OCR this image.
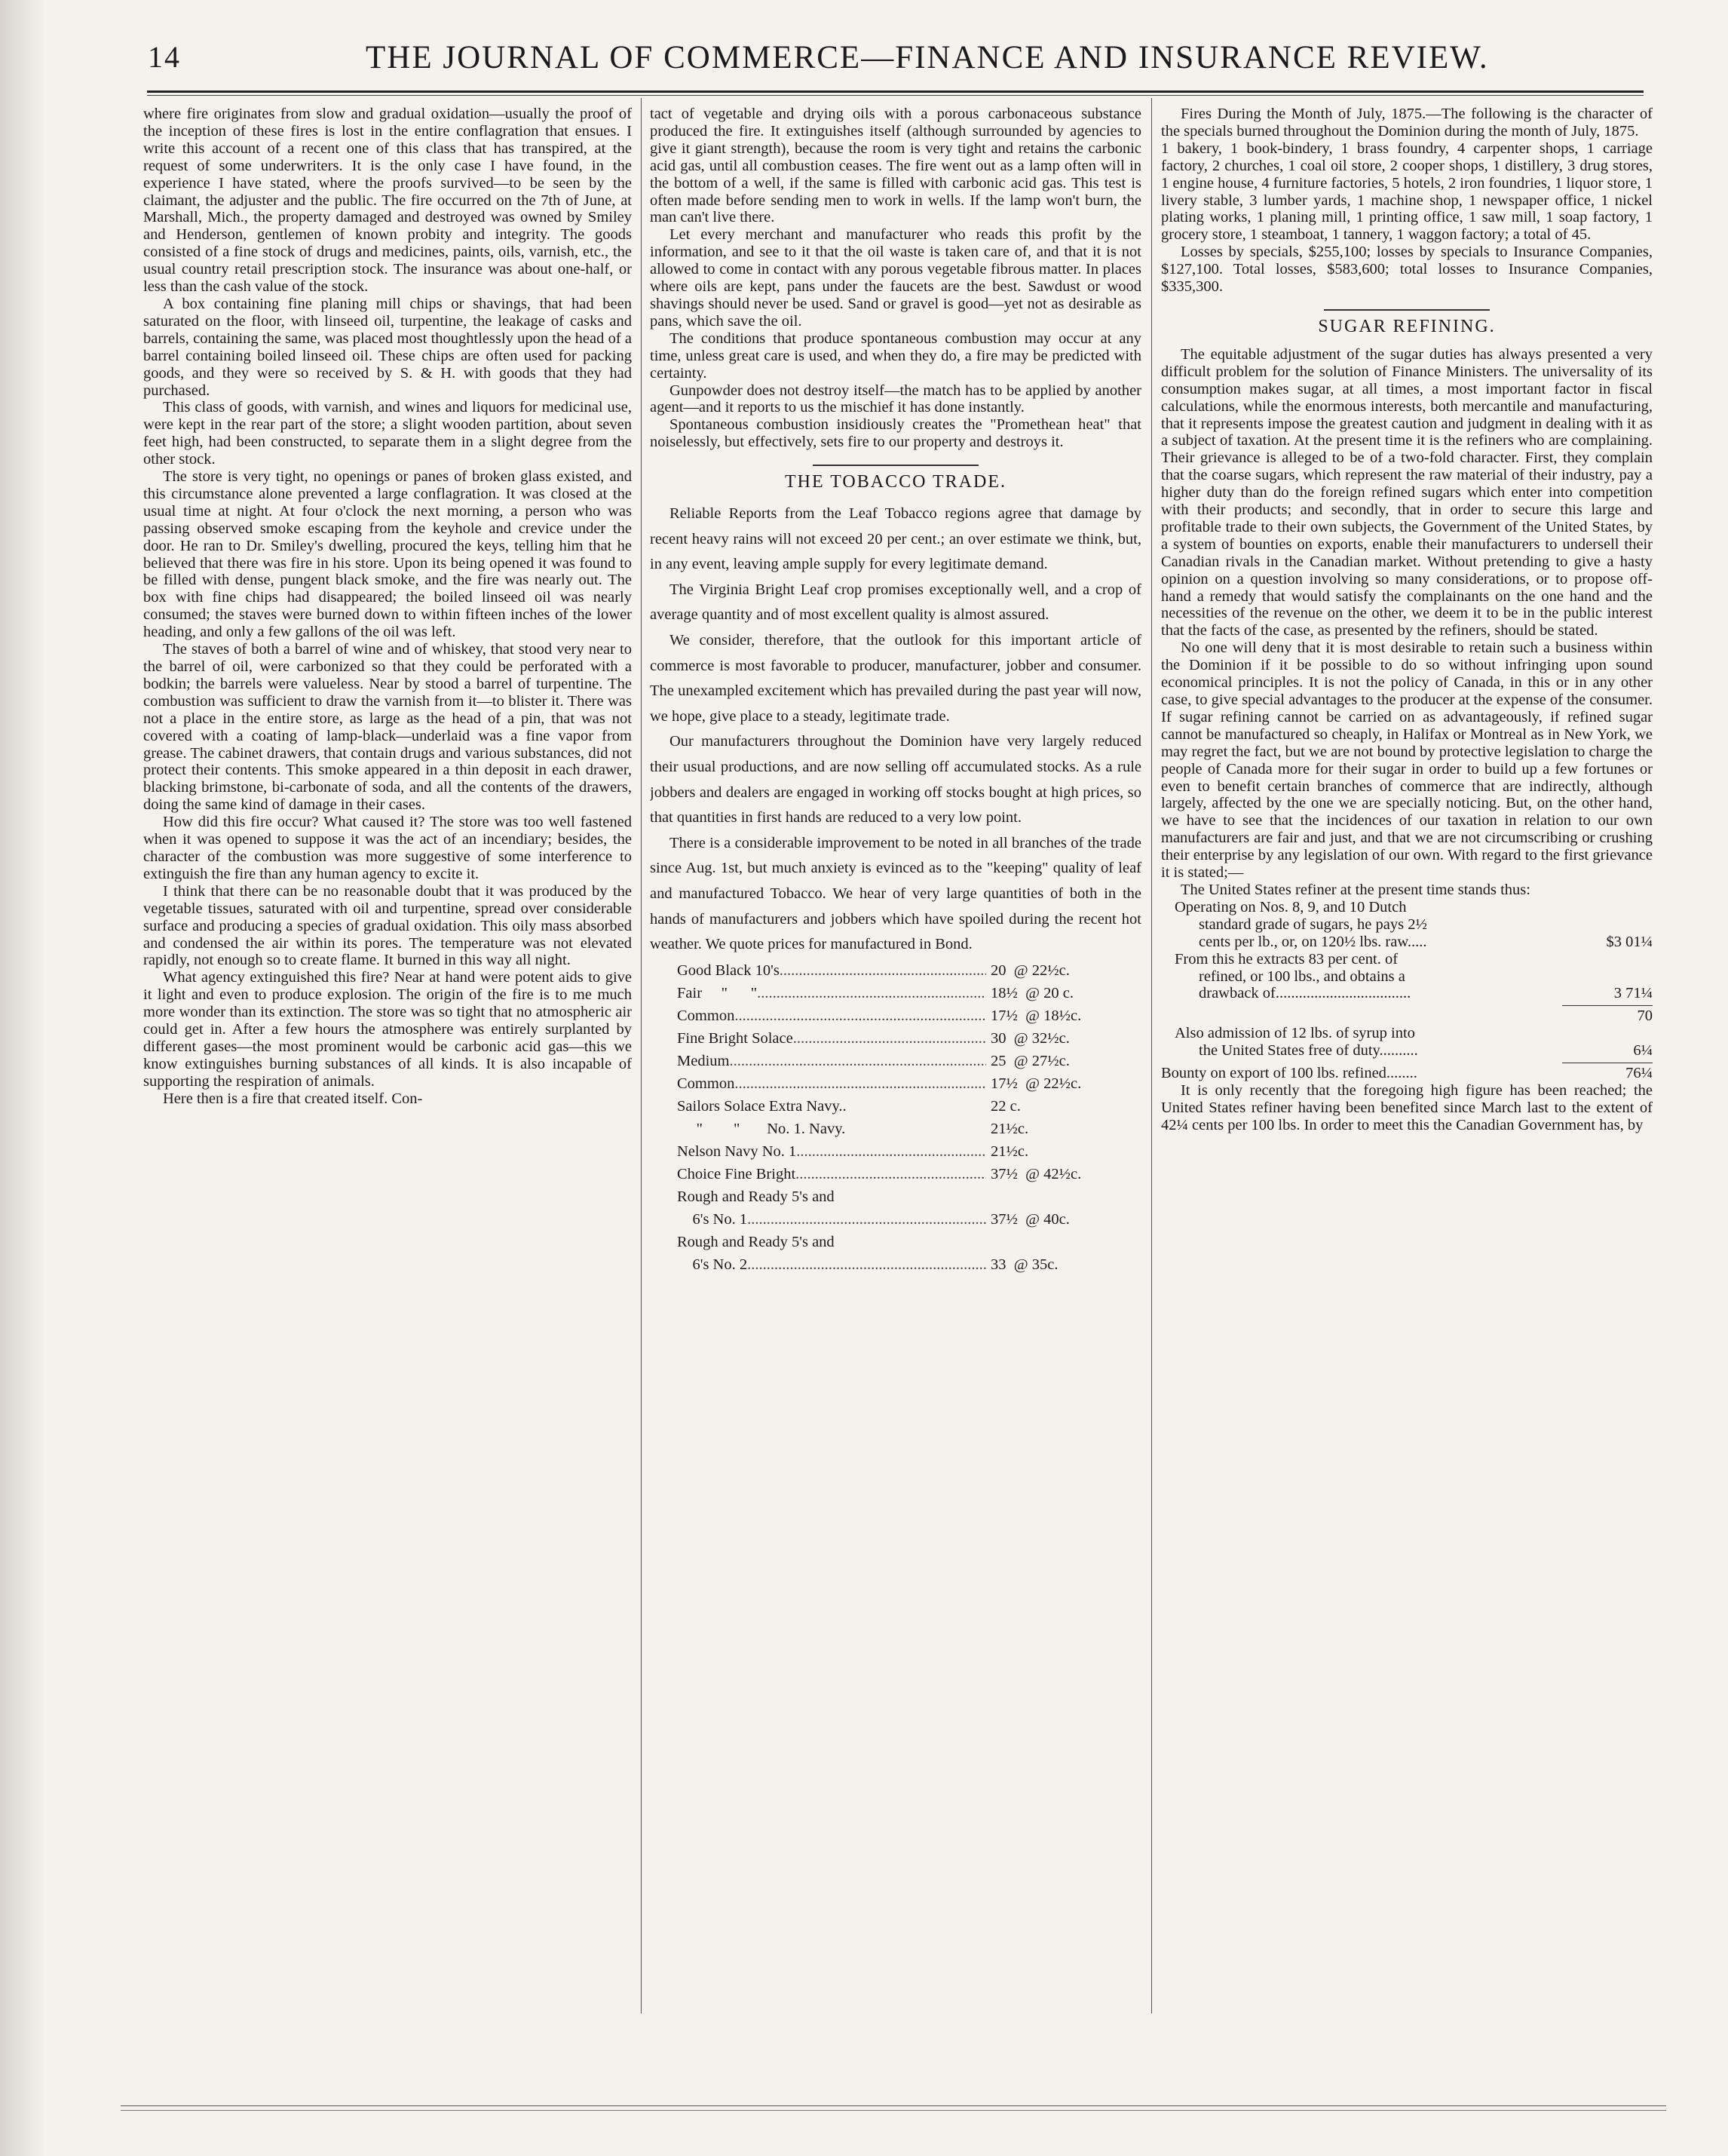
14	THE JOURNAL OF COMMERCE—FINANCE AND INSURANCE REVIEW.

where fire originates from slow and gradual oxidation—usually the proof of the inception of these fires is lost in the entire conflagration that ensues. I write this account of a recent one of this class that has transpired, at the request of some underwriters. It is the only case I have found, in the experience I have stated, where the proofs survived—to be seen by the claimant, the adjuster and the public. The fire occurred on the 7th of June, at Marshall, Mich., the property damaged and destroyed was owned by Smiley and Henderson, gentlemen of known probity and integrity. The goods consisted of a fine stock of drugs and medicines, paints, oils, varnish, etc., the usual country retail prescription stock. The insurance was about one-half, or less than the cash value of the stock.

A box containing fine planing mill chips or shavings, that had been saturated on the floor, with linseed oil, turpentine, the leakage of casks and barrels, containing the same, was placed most thoughtlessly upon the head of a barrel containing boiled linseed oil. These chips are often used for packing goods, and they were so received by S. & H. with goods that they had purchased.

This class of goods, with varnish, and wines and liquors for medicinal use, were kept in the rear part of the store; a slight wooden partition, about seven feet high, had been constructed, to separate them in a slight degree from the other stock.

The store is very tight, no openings or panes of broken glass existed, and this circumstance alone prevented a large conflagration. It was closed at the usual time at night. At four o'clock the next morning, a person who was passing observed smoke escaping from the keyhole and crevice under the door. He ran to Dr. Smiley's dwelling, procured the keys, telling him that he believed that there was fire in his store. Upon its being opened it was found to be filled with dense, pungent black smoke, and the fire was nearly out. The box with fine chips had disappeared; the boiled linseed oil was nearly consumed; the staves were burned down to within fifteen inches of the lower heading, and only a few gallons of the oil was left.

The staves of both a barrel of wine and of whiskey, that stood very near to the barrel of oil, were carbonized so that they could be perforated with a bodkin; the barrels were valueless. Near by stood a barrel of turpentine. The combustion was sufficient to draw the varnish from it—to blister it. There was not a place in the entire store, as large as the head of a pin, that was not covered with a coating of lamp-black—underlaid was a fine vapor from grease. The cabinet drawers, that contain drugs and various substances, did not protect their contents. This smoke appeared in a thin deposit in each drawer, blacking brimstone, bi-carbonate of soda, and all the contents of the drawers, doing the same kind of damage in their cases.

How did this fire occur? What caused it? The store was too well fastened when it was opened to suppose it was the act of an incendiary; besides, the character of the combustion was more suggestive of some interference to extinguish the fire than any human agency to excite it.

I think that there can be no reasonable doubt that it was produced by the vegetable tissues, saturated with oil and turpentine, spread over considerable surface and producing a species of gradual oxidation. This oily mass absorbed and condensed the air within its pores. The temperature was not elevated rapidly, not enough so to create flame. It burned in this way all night.

What agency extinguished this fire? Near at hand were potent aids to give it light and even to produce explosion. The origin of the fire is to me much more wonder than its extinction. The store was so tight that no atmospheric air could get in. After a few hours the atmosphere was entirely surplanted by different gases—the most prominent would be carbonic acid gas—this we know extinguishes burning substances of all kinds. It is also incapable of supporting the respiration of animals.

Here then is a fire that created itself. Con-

tact of vegetable and drying oils with a porous carbonaceous substance produced the fire. It extinguishes itself (although surrounded by agencies to give it giant strength), because the room is very tight and retains the carbonic acid gas, until all combustion ceases. The fire went out as a lamp often will in the bottom of a well, if the same is filled with carbonic acid gas. This test is often made before sending men to work in wells. If the lamp won't burn, the man can't live there.

Let every merchant and manufacturer who reads this profit by the information, and see to it that the oil waste is taken care of, and that it is not allowed to come in contact with any porous vegetable fibrous matter. In places where oils are kept, pans under the faucets are the best. Sawdust or wood shavings should never be used. Sand or gravel is good—yet not as desirable as pans, which save the oil.

The conditions that produce spontaneous combustion may occur at any time, unless great care is used, and when they do, a fire may be predicted with certainty.

Gunpowder does not destroy itself—the match has to be applied by another agent—and it reports to us the mischief it has done instantly.

Spontaneous combustion insidiously creates the "Promethean heat" that noiselessly, but effectively, sets fire to our property and destroys it.

THE TOBACCO TRADE.

Reliable Reports from the Leaf Tobacco regions agree that damage by recent heavy rains will not exceed 20 per cent.; an over estimate we think, but, in any event, leaving ample supply for every legitimate demand.

The Virginia Bright Leaf crop promises exceptionally well, and a crop of average quantity and of most excellent quality is almost assured.

We consider, therefore, that the outlook for this important article of commerce is most favorable to producer, manufacturer, jobber and consumer. The unexampled excitement which has prevailed during the past year will now, we hope, give place to a steady, legitimate trade.

Our manufacturers throughout the Dominion have very largely reduced their usual productions, and are now selling off accumulated stocks. As a rule jobbers and dealers are engaged in working off stocks bought at high prices, so that quantities in first hands are reduced to a very low point.

There is a considerable improvement to be noted in all branches of the trade since Aug. 1st, but much anxiety is evinced as to the "keeping" quality of leaf and manufactured Tobacco. We hear of very large quantities of both in the hands of manufacturers and jobbers which have spoiled during the recent hot weather. We quote prices for manufactured in Bond.

Good Black 10's .....	20  @ 22½c.
Fair     "      " .....	18½  @ 20 c.
Common .....	17½  @ 18½c.
Fine Bright Solace .....	30  @ 32½c.
Medium .....	25  @ 27½c.
Common .....	17½  @ 22½c.
Sailors Solace Extra Navy..	22 c.
"        "       No. 1. Navy.	21½c.
Nelson Navy No. 1 .....	21½c.
Choice Fine Bright .....	37½  @ 42½c.
Rough and Ready 5's and
6's No. 1 .....	37½  @ 40c.
Rough and Ready 5's and
6's No. 2 .....	33  @ 35c.

Fires During the Month of July, 1875.—The following is the character of the specials burned throughout the Dominion during the month of July, 1875.

1 bakery, 1 book-bindery, 1 brass foundry, 4 carpenter shops, 1 carriage factory, 2 churches, 1 coal oil store, 2 cooper shops, 1 distillery, 3 drug stores, 1 engine house, 4 furniture factories, 5 hotels, 2 iron foundries, 1 liquor store, 1 livery stable, 3 lumber yards, 1 machine shop, 1 newspaper office, 1 nickel plating works, 1 planing mill, 1 printing office, 1 saw mill, 1 soap factory, 1 grocery store, 1 steamboat, 1 tannery, 1 waggon factory; a total of 45.

Losses by specials, $255,100; losses by specials to Insurance Companies, $127,100. Total losses, $583,600; total losses to Insurance Companies, $335,300.

SUGAR REFINING.

The equitable adjustment of the sugar duties has always presented a very difficult problem for the solution of Finance Ministers. The universality of its consumption makes sugar, at all times, a most important factor in fiscal calculations, while the enormous interests, both mercantile and manufacturing, that it represents impose the greatest caution and judgment in dealing with it as a subject of taxation. At the present time it is the refiners who are complaining. Their grievance is alleged to be of a two-fold character. First, they complain that the coarse sugars, which represent the raw material of their industry, pay a higher duty than do the foreign refined sugars which enter into competition with their products; and secondly, that in order to secure this large and profitable trade to their own subjects, the Government of the United States, by a system of bounties on exports, enable their manufacturers to undersell their Canadian rivals in the Canadian market. Without pretending to give a hasty opinion on a question involving so many considerations, or to propose off-hand a remedy that would satisfy the complainants on the one hand and the necessities of the revenue on the other, we deem it to be in the public interest that the facts of the case, as presented by the refiners, should be stated.

No one will deny that it is most desirable to retain such a business within the Dominion if it be possible to do so without infringing upon sound economical principles. It is not the policy of Canada, in this or in any other case, to give special advantages to the producer at the expense of the consumer. If sugar refining cannot be carried on as advantageously, if refined sugar cannot be manufactured so cheaply, in Halifax or Montreal as in New York, we may regret the fact, but we are not bound by protective legislation to charge the people of Canada more for their sugar in order to build up a few fortunes or even to benefit certain branches of commerce that are indirectly, although largely, affected by the one we are specially noticing. But, on the other hand, we have to see that the incidences of our taxation in relation to our own manufacturers are fair and just, and that we are not circumscribing or crushing their enterprise by any legislation of our own. With regard to the first grievance it is stated;—

The United States refiner at the present time stands thus:

Operating on Nos. 8, 9, and 10 Dutch
standard grade of sugars, he pays 2½
cents per lb., or, on 120½ lbs. raw.....	$3 01¼
From this he extracts 83 per cent. of
refined, or 100 lbs., and obtains a
drawback of...................................	3 71¼
70
Also admission of 12 lbs. of syrup into
the United States free of duty..........	6¼
Bounty on export of 100 lbs. refined........	76¼

It is only recently that the foregoing high figure has been reached; the United States refiner having been benefited since March last to the extent of 42¼ cents per 100 lbs. In order to meet this the Canadian Government has, by
